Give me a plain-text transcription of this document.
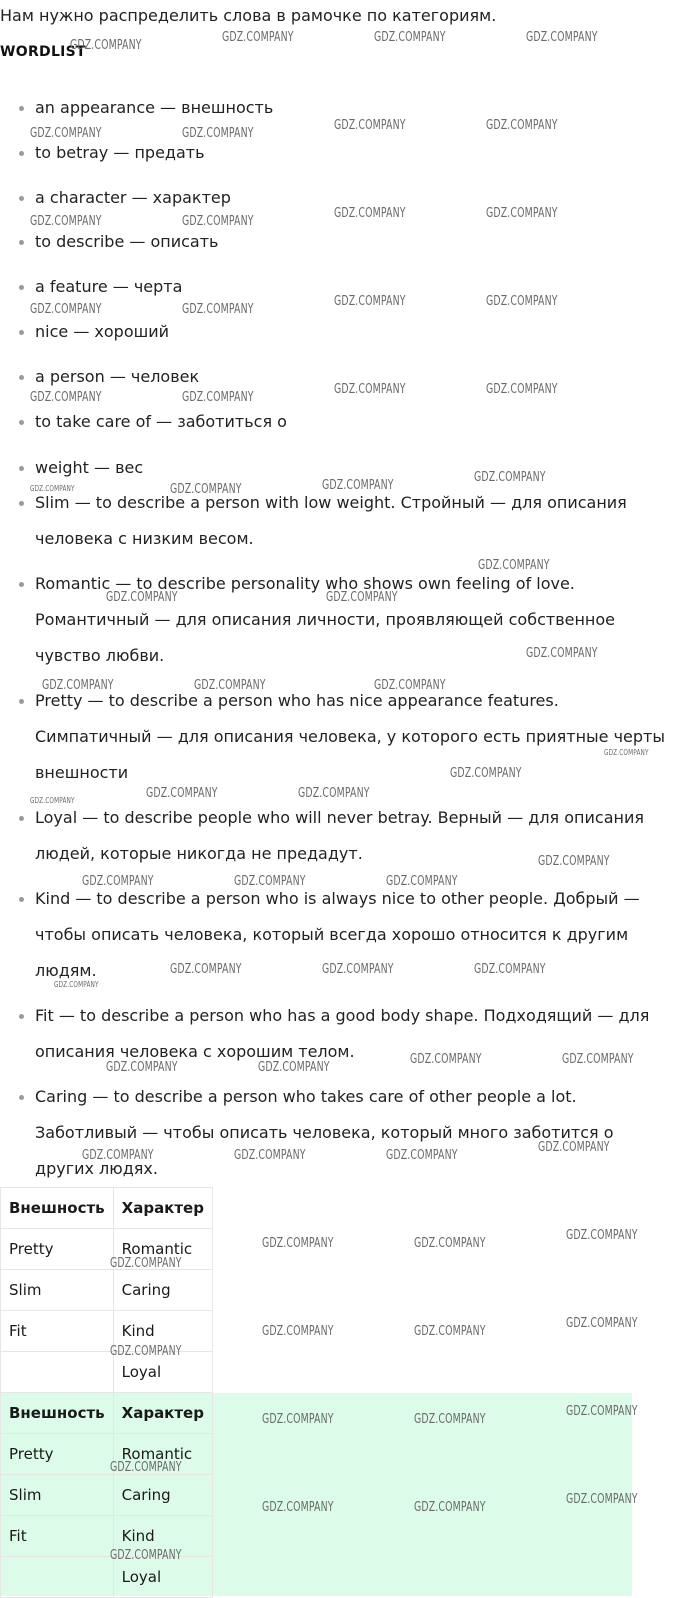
Нам нужно распределить слова в рамочке по категориям.
WORDLIST
an appearance — внешность
to betray — предать
a character — характер
to describe — описать
a feature — черта
nice — хороший
a person — человек
to take care of — заботиться о
weight — вес
Slim — to describe a person with low weight. Стройный — для описания человека с низким весом.
Romantic — to describe personality who shows own feeling of love. Романтичный — для описания личности, проявляющей собственное чувство любви.
Pretty — to describe a person who has nice appearance features. Симпатичный — для описания человека, у которого есть приятные черты внешности
Loyal — to describe people who will never betray. Верный — для описания людей, которые никогда не предадут.
Kind — to describe a person who is always nice to other people. Добрый — чтобы описать человека, который всегда хорошо относится к другим людям.
Fit — to describe a person who has a good body shape. Подходящий — для описания человека с хорошим телом.
Caring — to describe a person who takes care of other people a lot. Заботливый — чтобы описать человека, который много заботится о других людях.
Внешность	Характер
Pretty	Romantic
Slim	Caring
Fit	Kind
	Loyal
Внешность	Характер
Pretty	Romantic
Slim	Caring
Fit	Kind
	Loyal
GDZ.COMPANY
GDZ.COMPANY	GDZ.COMPANY	GDZ.COMPANY
GDZ.COMPANY	GDZ.COMPANY
GDZ.COMPANY	GDZ.COMPANY
GDZ.COMPANY	GDZ.COMPANY
GDZ.COMPANY	GDZ.COMPANY
GDZ.COMPANY	GDZ.COMPANY
GDZ.COMPANY	GDZ.COMPANY
GDZ.COMPANY	GDZ.COMPANY
GDZ.COMPANY	GDZ.COMPANY
GDZ.COMPANY	GDZ.COMPANY	GDZ.COMPANY
GDZ.COMPANY
GDZ.COMPANY
GDZ.COMPANY
GDZ.COMPANY
GDZ.COMPANY
GDZ.COMPANY	GDZ.COMPANY	GDZ.COMPANY
GDZ.COMPANY
GDZ.COMPANY
GDZ.COMPANY	GDZ.COMPANY	GDZ.COMPANY
GDZ.COMPANY
GDZ.COMPANY	GDZ.COMPANY	GDZ.COMPANY
GDZ.COMPANY
GDZ.COMPANY	GDZ.COMPANY	GDZ.COMPANY
GDZ.COMPANY	GDZ.COMPANY
GDZ.COMPANY	GDZ.COMPANY
GDZ.COMPANY	GDZ.COMPANY	GDZ.COMPANY
GDZ.COMPANY
GDZ.COMPANY	GDZ.COMPANY
GDZ.COMPANY
GDZ.COMPANY
GDZ.COMPANY	GDZ.COMPANY
GDZ.COMPANY
GDZ.COMPANY
GDZ.COMPANY	GDZ.COMPANY
GDZ.COMPANY
GDZ.COMPANY
GDZ.COMPANY	GDZ.COMPANY
GDZ.COMPANY
GDZ.COMPANY
